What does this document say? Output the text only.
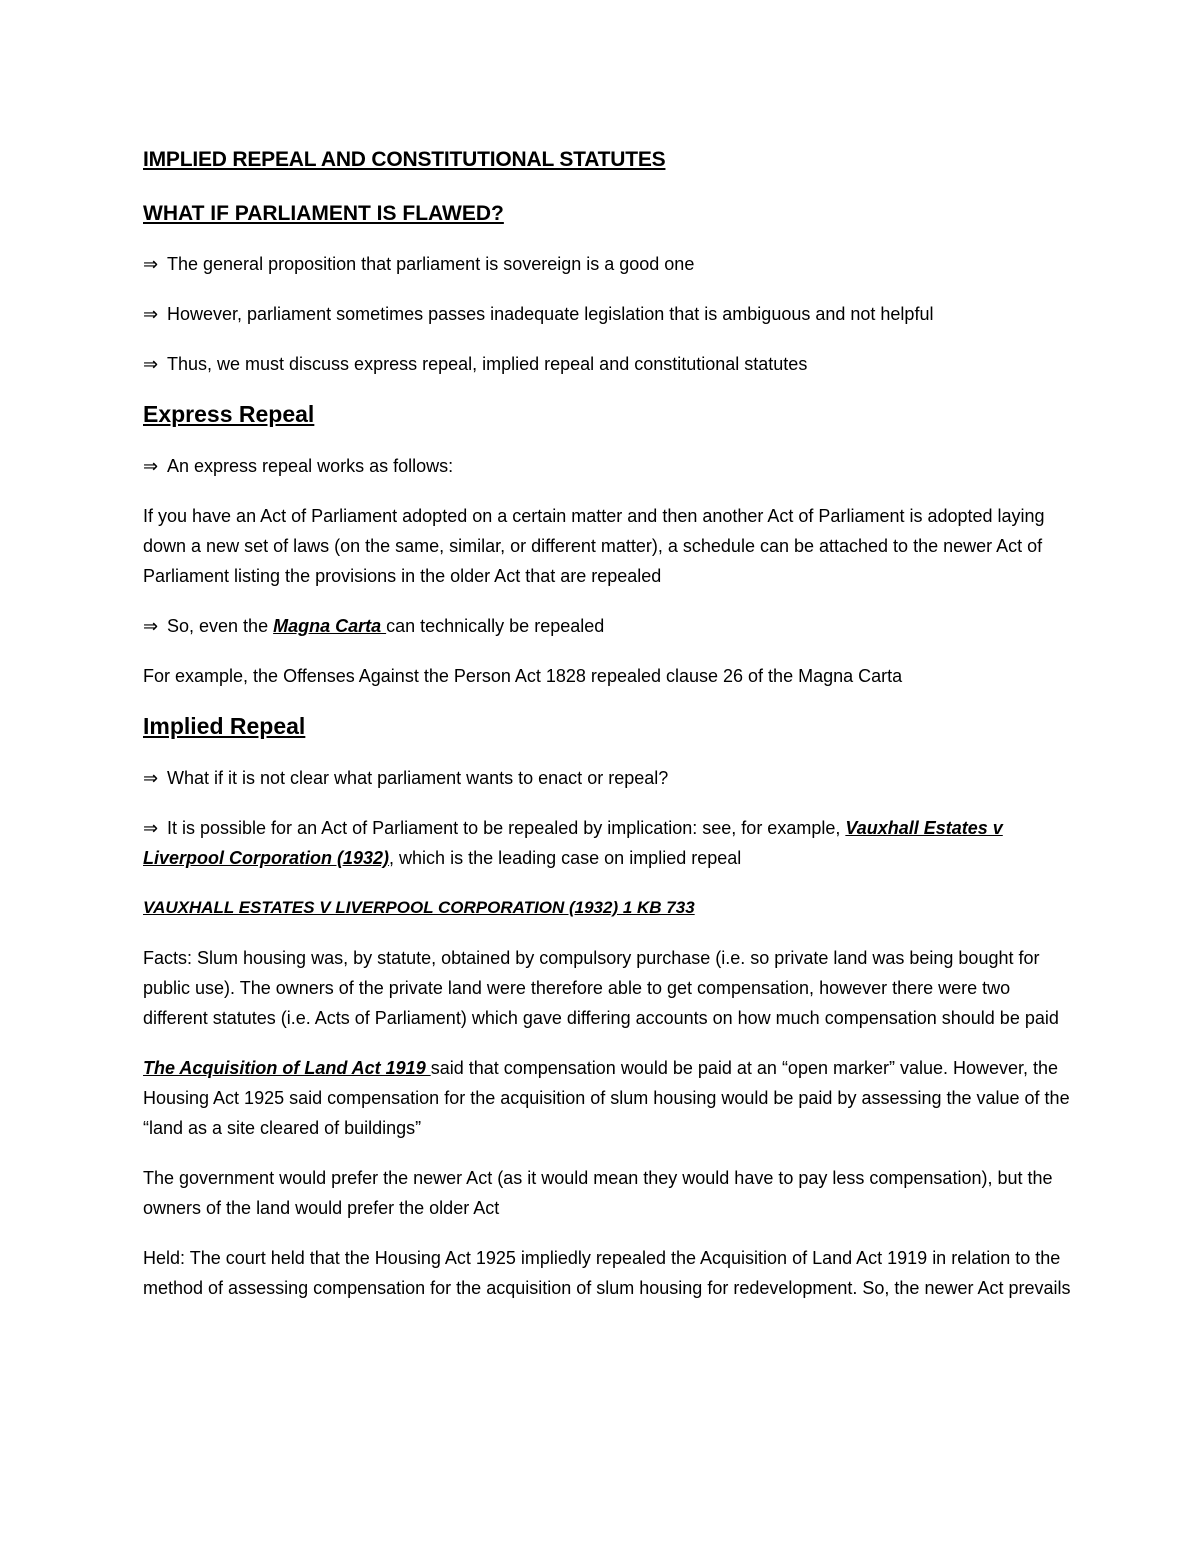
IMPLIED REPEAL AND CONSTITUTIONAL STATUTES
WHAT IF PARLIAMENT IS FLAWED?

⇒ The general proposition that parliament is sovereign is a good one

⇒ However, parliament sometimes passes inadequate legislation that is ambiguous and not helpful

⇒ Thus, we must discuss express repeal, implied repeal and constitutional statutes

Express Repeal

⇒ An express repeal works as follows:

If you have an Act of Parliament adopted on a certain matter and then another Act of Parliament is adopted laying down a new set of laws (on the same, similar, or different matter), a schedule can be attached to the newer Act of Parliament listing the provisions in the older Act that are repealed

⇒ So, even the Magna Carta can technically be repealed

For example, the Offenses Against the Person Act 1828 repealed clause 26 of the Magna Carta

Implied Repeal

⇒ What if it is not clear what parliament wants to enact or repeal?

⇒ It is possible for an Act of Parliament to be repealed by implication: see, for example, Vauxhall Estates v Liverpool Corporation (1932), which is the leading case on implied repeal

VAUXHALL ESTATES V LIVERPOOL CORPORATION (1932) 1 KB 733

Facts: Slum housing was, by statute, obtained by compulsory purchase (i.e. so private land was being bought for public use). The owners of the private land were therefore able to get compensation, however there were two different statutes (i.e. Acts of Parliament) which gave differing accounts on how much compensation should be paid

The Acquisition of Land Act 1919 said that compensation would be paid at an “open marker” value. However, the Housing Act 1925 said compensation for the acquisition of slum housing would be paid by assessing the value of the “land as a site cleared of buildings”

The government would prefer the newer Act (as it would mean they would have to pay less compensation), but the owners of the land would prefer the older Act

Held: The court held that the Housing Act 1925 impliedly repealed the Acquisition of Land Act 1919 in relation to the method of assessing compensation for the acquisition of slum housing for redevelopment. So, the newer Act prevails
